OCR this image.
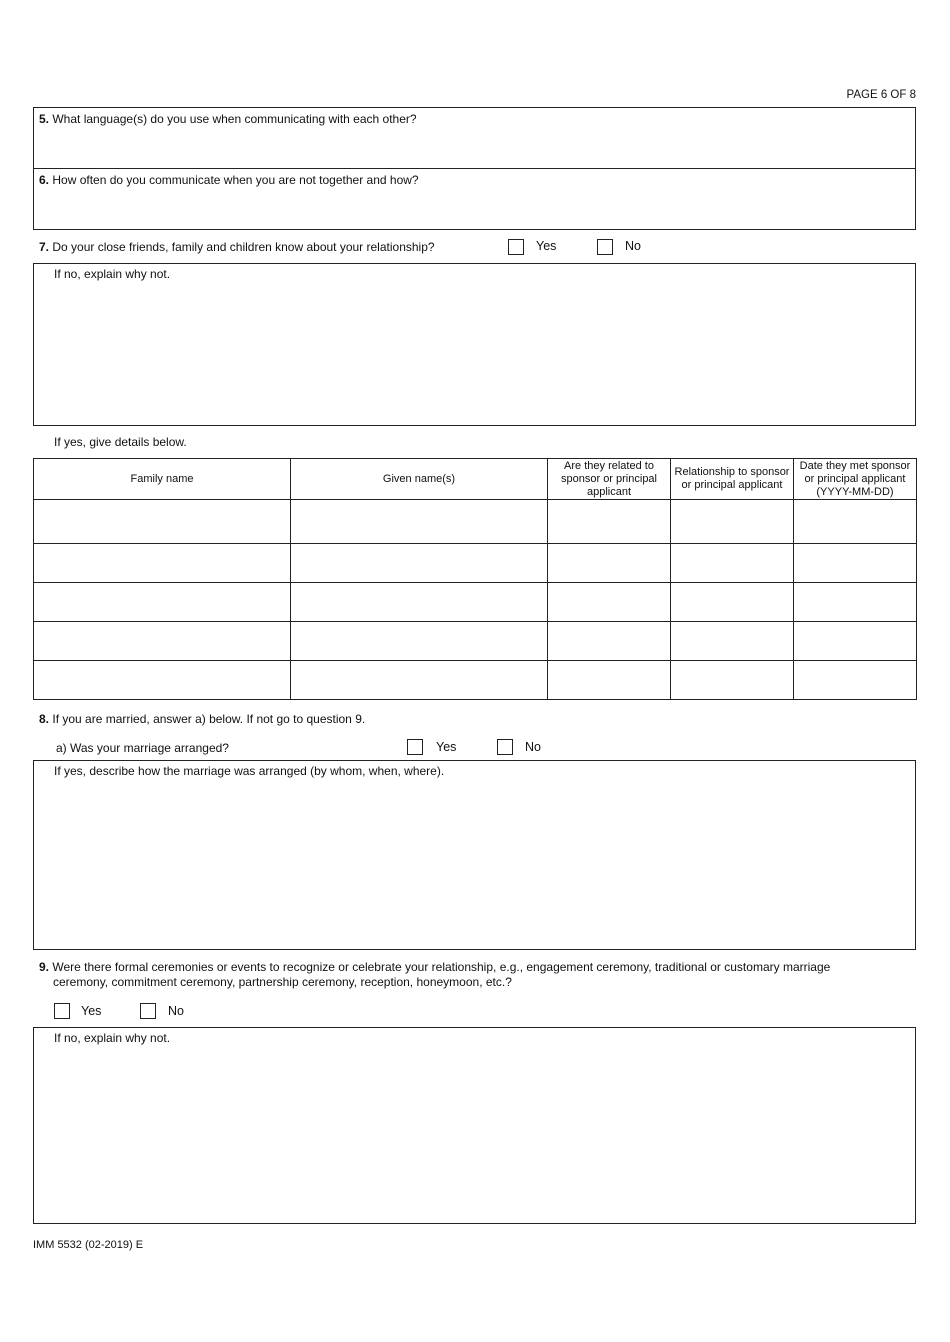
PAGE 6 OF 8
5. What language(s) do you use when communicating with each other?
6. How often do you communicate when you are not together and how?
7. Do your close friends, family and children know about your relationship?	Yes	No
If no, explain why not.
If yes, give details below.
Family name	Given name(s)	Are they related to sponsor or principal applicant	Relationship to sponsor or principal applicant	Date they met sponsor or principal applicant (YYYY-MM-DD)

8. If you are married, answer a) below. If not go to question 9.
a) Was your marriage arranged?	Yes	No
If yes, describe how the marriage was arranged (by whom, when, where).
9. Were there formal ceremonies or events to recognize or celebrate your relationship, e.g., engagement ceremony, traditional or customary marriage
ceremony, commitment ceremony, partnership ceremony, reception, honeymoon, etc.?
Yes	No
If no, explain why not.
IMM 5532 (02-2019) E
